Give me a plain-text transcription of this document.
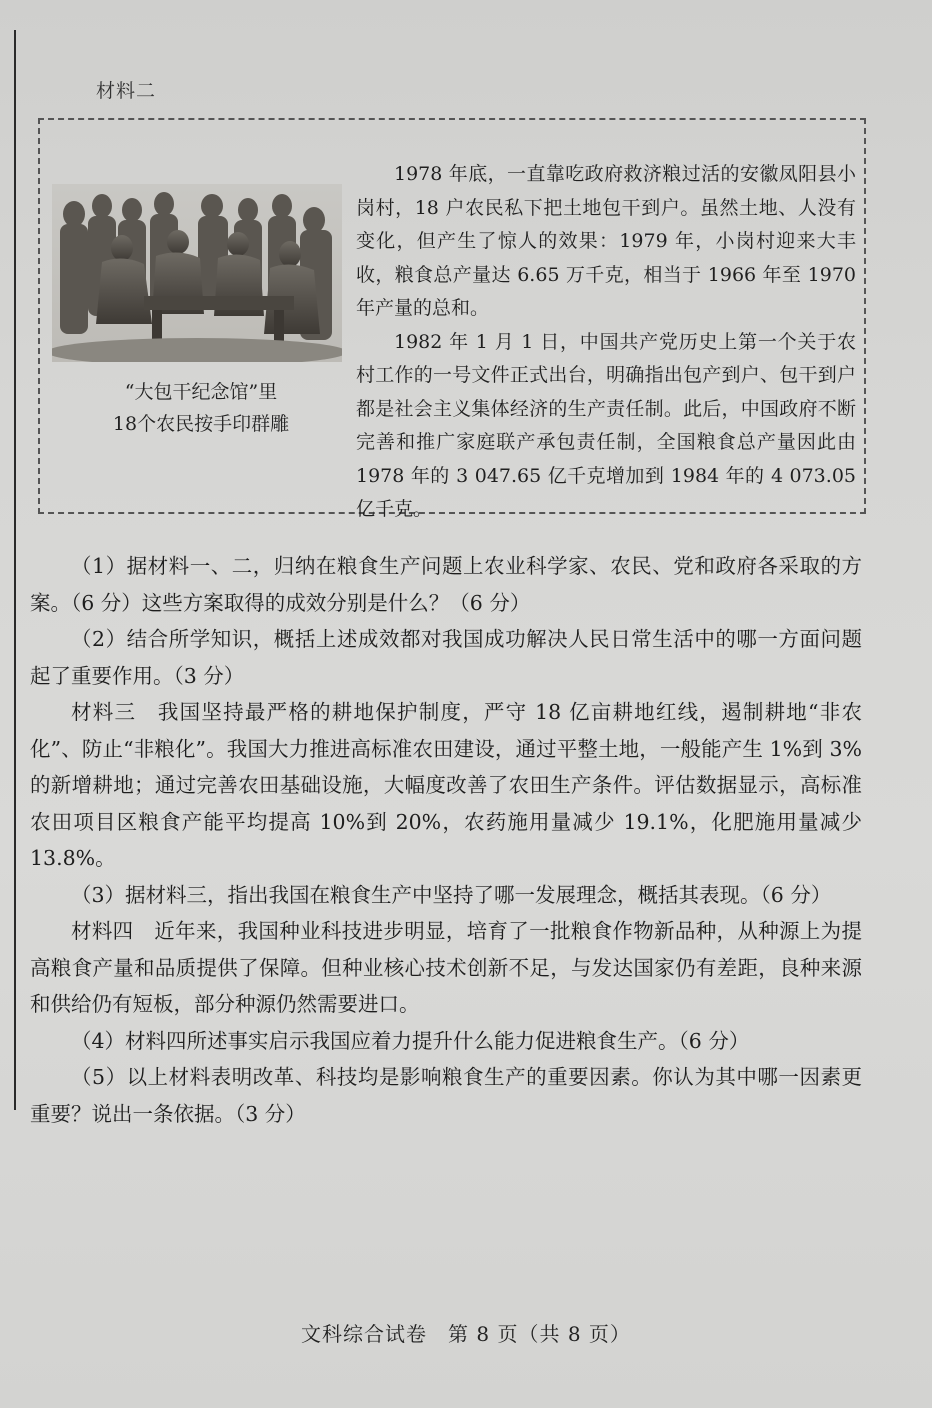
材料二
“大包干纪念馆”里
18个农民按手印群雕

1978 年底，一直靠吃政府救济粮过活的安徽凤阳县小岗村，18 户农民私下把土地包干到户。虽然土地、人没有变化，但产生了惊人的效果：1979 年，小岗村迎来大丰收，粮食总产量达 6.65 万千克，相当于 1966 年至 1970 年产量的总和。

1982 年 1 月 1 日，中国共产党历史上第一个关于农村工作的一号文件正式出台，明确指出包产到户、包干到户都是社会主义集体经济的生产责任制。此后，中国政府不断完善和推广家庭联产承包责任制，全国粮食总产量因此由 1978 年的 3 047.65 亿千克增加到 1984 年的 4 073.05 亿千克。

（1）据材料一、二，归纳在粮食生产问题上农业科学家、农民、党和政府各采取的方案。（6 分）这些方案取得的成效分别是什么？（6 分）

（2）结合所学知识，概括上述成效都对我国成功解决人民日常生活中的哪一方面问题起了重要作用。（3 分）

材料三　我国坚持最严格的耕地保护制度，严守 18 亿亩耕地红线，遏制耕地“非农化”、防止“非粮化”。我国大力推进高标准农田建设，通过平整土地，一般能产生 1%到 3%的新增耕地；通过完善农田基础设施，大幅度改善了农田生产条件。评估数据显示，高标准农田项目区粮食产能平均提高 10%到 20%，农药施用量减少 19.1%，化肥施用量减少 13.8%。

（3）据材料三，指出我国在粮食生产中坚持了哪一发展理念，概括其表现。（6 分）

材料四　近年来，我国种业科技进步明显，培育了一批粮食作物新品种，从种源上为提高粮食产量和品质提供了保障。但种业核心技术创新不足，与发达国家仍有差距，良种来源和供给仍有短板，部分种源仍然需要进口。

（4）材料四所述事实启示我国应着力提升什么能力促进粮食生产。（6 分）

（5）以上材料表明改革、科技均是影响粮食生产的重要因素。你认为其中哪一因素更重要？说出一条依据。（3 分）

文科综合试卷　第 8 页（共 8 页）
